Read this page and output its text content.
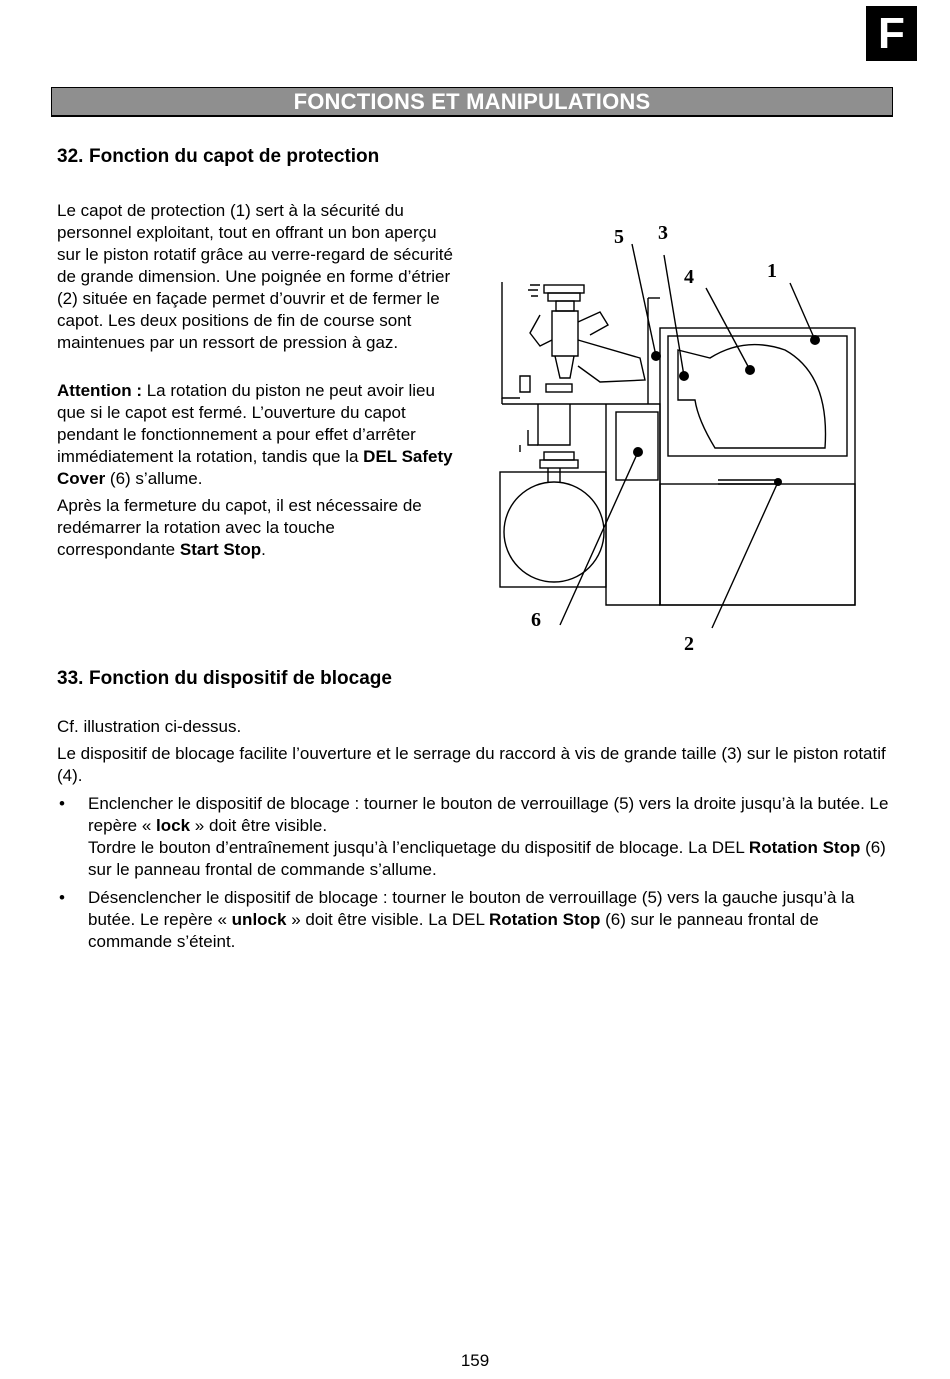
F
FONCTIONS ET MANIPULATIONS
32. Fonction du capot de protection

Le capot de protection (1) sert à la sécurité du personnel exploitant, tout en offrant un bon aperçu sur le piston rotatif grâce au verre-regard de sécurité de grande dimension. Une poignée en forme d’étrier (2) située en façade permet d’ouvrir et de fermer le capot. Les deux positions de fin de course sont maintenues par un ressort de pression à gaz.

Attention : La rotation du piston ne peut avoir lieu que si le capot est fermé. L’ouverture du capot pendant le fonctionnement a pour effet d’arrêter immédiatement la rotation, tandis que la DEL Safety Cover (6) s’allume.

Après la fermeture du capot, il est nécessaire de redémarrer la rotation avec la touche correspondante Start Stop.

5 3
4	1
6
2
33. Fonction du dispositif de blocage

Cf. illustration ci-dessus.

Le dispositif de blocage facilite l’ouverture et le serrage du raccord à vis de grande taille (3) sur le piston rotatif (4).

• Enclencher le dispositif de blocage : tourner le bouton de verrouillage (5) vers la droite jusqu’à la butée. Le repère « lock » doit être visible.
Tordre le bouton d’entraînement jusqu’à l’encliquetage du dispositif de blocage. La DEL Rotation Stop (6) sur le panneau frontal de commande s’allume.
• Désenclencher le dispositif de blocage : tourner le bouton de verrouillage (5) vers la gauche jusqu’à la butée. Le repère « unlock » doit être visible. La DEL Rotation Stop (6) sur le panneau frontal de commande s’éteint.
159
